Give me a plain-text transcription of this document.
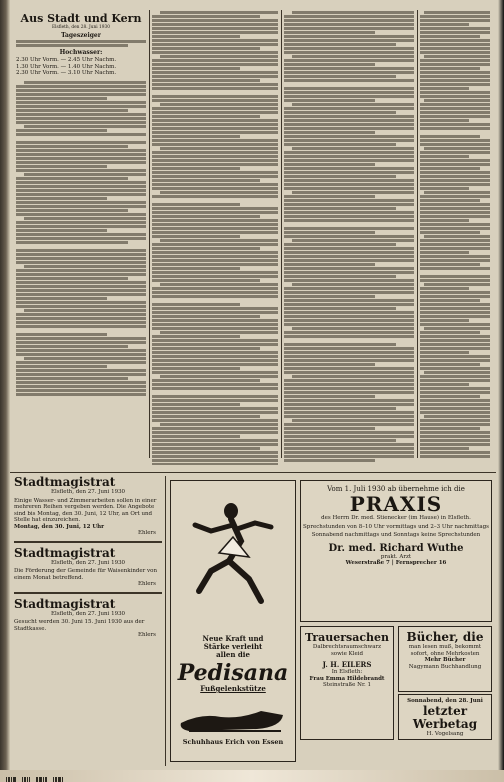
Aus Stadt und Kern
Elsfleth, den 28. Juni 1930
Tageszeiger
Hochwasser:
2.30 Uhr Vorm. — 2.45 Uhr Nachm.
1.30 Uhr Vorm. — 1.40 Uhr Nachm.
2.30 Uhr Vorm. — 3.10 Uhr Nachm.
Stadtmagistrat
Elsfleth, den 27. Juni 1930
Einige Wasser- und Zimmerarbeiten sollen in einer mehreren Reihen vergeben werden. Die Angebote sind bis Montag, den 30. Juni, 12 Uhr, an Ort und Stelle hat einzureichen.
Montag, den 30. Juni, 12 Uhr
Ehlers
Stadtmagistrat
Elsfleth, den 27. Juni 1930
Die Förderung der Gemeinde für Waisenkinder von einem Monat betreffend.
Ehlers
Stadtmagistrat
Elsfleth, den 27. Juni 1930
Gesucht werden 30. Juni 15. Juni 1930 aus der Stadtkasse.
Ehlers	Neue Kraft und
Stärke verleiht
allen die
Pedisana
Fußgelenkstütze
Schuhhaus Erich von Essen
Vom 1. Juli 1930 ab übernehme ich die
PRAXIS
des Herrn Dr. med. Stienecker (im Hause) in Elsfleth.
Sprechstunden von 8–10 Uhr vormittags und 2–3 Uhr nachmittags
Sonnabend nachmittags und Sonntags keine Sprechstunden
Dr. med. Richard Wuthe
prakt. Arzt
Weserstraße 7 | Fernsprecher 16
Trauersachen
Dalbrechtsraumschwarz
sowie Kleid
J. H. EILERS
In Elsfleth:
Frau Emma Hildebrandt
Steinstraße Nr. 1
Bücher, die
man lesen muß, bekommt
sofort, ohne Mehrkosten
Mehr Bücher
Nagymann Buchhandlung
Sonnabend, den 28. Juni
letzter Werbetag
H. Vogelsang
